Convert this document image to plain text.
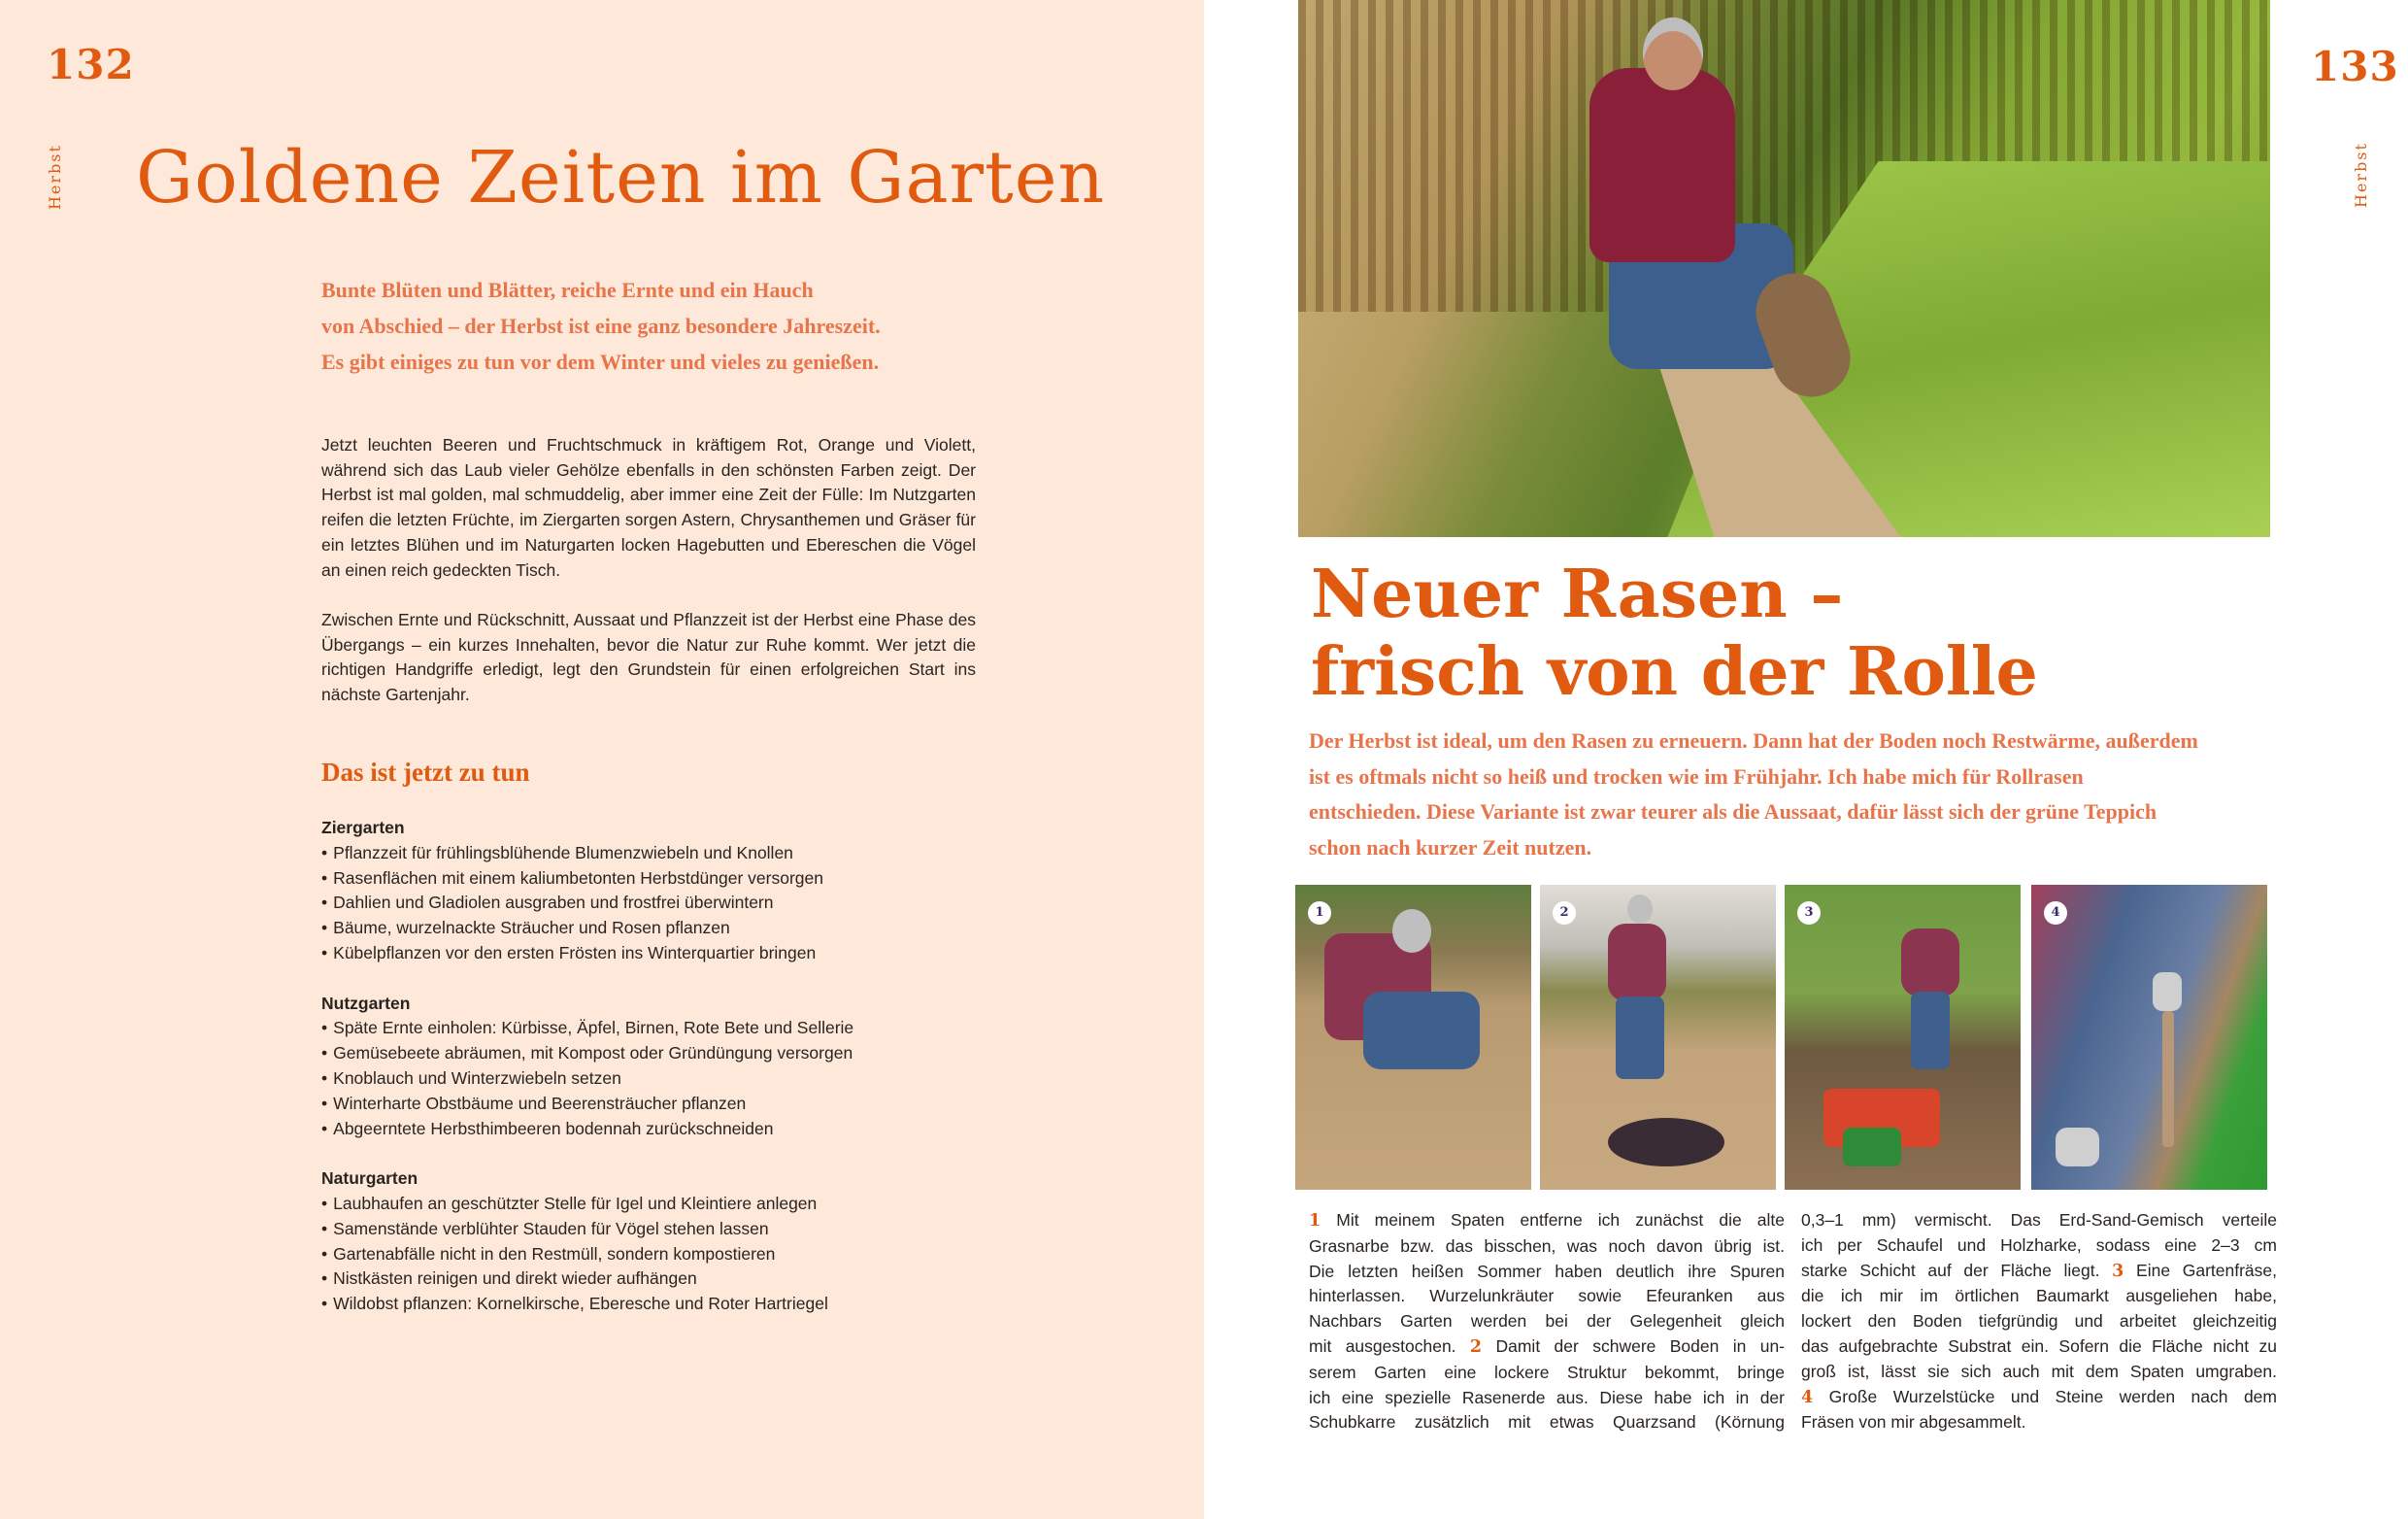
132
Herbst Goldene Zeiten im Garten
Bunte Blüten und Blätter, reiche Ernte und ein Hauch
von Abschied – der Herbst ist eine ganz besondere Jahreszeit.
Es gibt einiges zu tun vor dem Winter und vieles zu genießen.

Jetzt leuchten Beeren und Fruchtschmuck in kräftigem Rot, Orange und Violett, während sich das Laub vieler Gehölze ebenfalls in den schönsten Farben zeigt. Der Herbst ist mal golden, mal schmuddelig, aber immer eine Zeit der Fülle: Im Nutzgarten reifen die letzten Früchte, im Ziergarten sorgen Astern, Chrysanthemen und Gräser für ein letztes Blühen und im Naturgarten locken Hagebutten und Ebereschen die Vögel an einen reich gedeckten Tisch.

Zwischen Ernte und Rückschnitt, Aussaat und Pflanzzeit ist der Herbst eine Phase des Übergangs – ein kurzes Innehalten, bevor die Natur zur Ruhe kommt. Wer jetzt die richtigen Handgriffe erledigt, legt den Grundstein für einen erfolgreichen Start ins nächste Gartenjahr.

Das ist jetzt zu tun
Ziergarten
• Pflanzzeit für frühlingsblühende Blumenzwiebeln und Knollen
• Rasenflächen mit einem kaliumbetonten Herbstdünger versorgen
• Dahlien und Gladiolen ausgraben und frostfrei überwintern
• Bäume, wurzelnackte Sträucher und Rosen pflanzen
• Kübelpflanzen vor den ersten Frösten ins Winterquartier bringen
Nutzgarten
• Späte Ernte einholen: Kürbisse, Äpfel, Birnen, Rote Bete und Sellerie
• Gemüsebeete abräumen, mit Kompost oder Gründüngung versorgen
• Knoblauch und Winterzwiebeln setzen
• Winterharte Obstbäume und Beerensträucher pflanzen
• Abgeerntete Herbsthimbeeren bodennah zurückschneiden
Naturgarten
• Laubhaufen an geschützter Stelle für Igel und Kleintiere anlegen
• Samenstände verblühter Stauden für Vögel stehen lassen
• Gartenabfälle nicht in den Restmüll, sondern kompostieren
• Nistkästen reinigen und direkt wieder aufhängen
• Wildobst pflanzen: Kornelkirsche, Eberesche und Roter Hartriegel
133
Herbst
Neuer Rasen –
frisch von der Rolle
Der Herbst ist ideal, um den Rasen zu erneuern. Dann hat der Boden noch Restwärme, außerdem
ist es oftmals nicht so heiß und trocken wie im Frühjahr. Ich habe mich für Rollrasen
entschieden. Diese Variante ist zwar teurer als die Aussaat, dafür lässt sich der grüne Teppich
schon nach kurzer Zeit nutzen.
1	2	3	4
1 Mit meinem Spaten entferne ich zunächst die alte
Grasnarbe bzw. das bisschen, was noch davon übrig ist.
Die letzten heißen Sommer haben deutlich ihre Spuren
hinterlassen. Wurzelunkräuter sowie Efeuranken aus
Nachbars Garten werden bei der Gelegenheit gleich
mit ausgestochen. 2 Damit der schwere Boden in un-
serem Garten eine lockere Struktur bekommt, bringe
ich eine spezielle Rasenerde aus. Diese habe ich in der
Schubkarre zusätzlich mit etwas Quarzsand (Körnung
0,3–1 mm) vermischt. Das Erd-Sand-Gemisch verteile
ich per Schaufel und Holzharke, sodass eine 2–3 cm
starke Schicht auf der Fläche liegt. 3 Eine Gartenfräse,
die ich mir im örtlichen Baumarkt ausgeliehen habe,
lockert den Boden tiefgründig und arbeitet gleichzeitig
das aufgebrachte Substrat ein. Sofern die Fläche nicht zu
groß ist, lässt sie sich auch mit dem Spaten umgraben.
4 Große Wurzelstücke und Steine werden nach dem
Fräsen von mir abgesammelt.
